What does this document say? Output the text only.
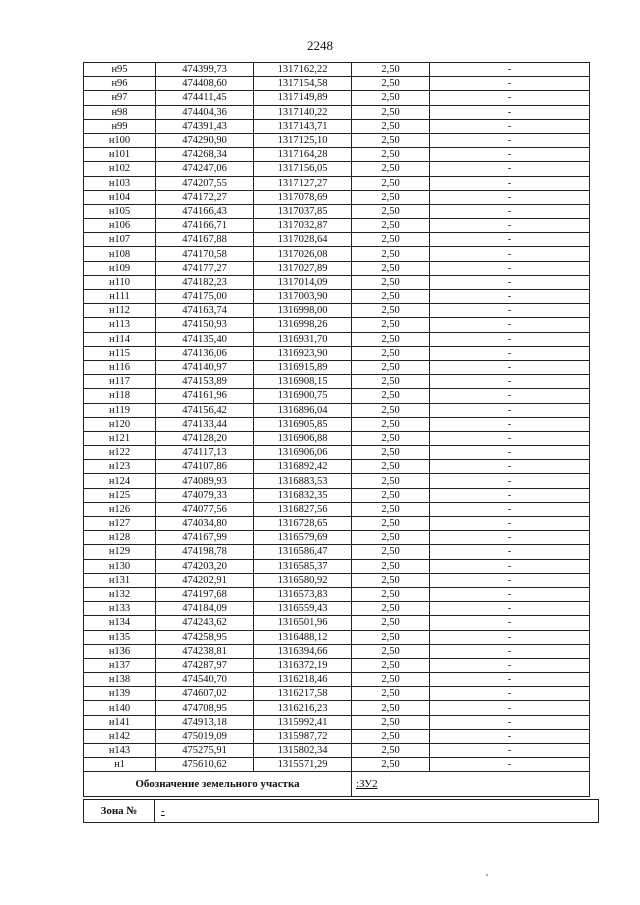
2248
н95	474399,73	1317162,22	2,50	-
н96	474408,60	1317154,58	2,50	-
н97	474411,45	1317149,89	2,50	-
н98	474404,36	1317140,22	2,50	-
н99	474391,43	1317143,71	2,50	-
н100	474290,90	1317125,10	2,50	-
н101	474268,34	1317164,28	2,50	-
н102	474247,06	1317156,05	2,50	-
н103	474207,55	1317127,27	2,50	-
н104	474172,27	1317078,69	2,50	-
н105	474166,43	1317037,85	2,50	-
н106	474166,71	1317032,87	2,50	-
н107	474167,88	1317028,64	2,50	-
н108	474170,58	1317026,08	2,50	-
н109	474177,27	1317027,89	2,50	-
н110	474182,23	1317014,09	2,50	-
н111	474175,00	1317003,90	2,50	-
н112	474163,74	1316998,00	2,50	-
н113	474150,93	1316998,26	2,50	-
н114	474135,40	1316931,70	2,50	-
н115	474136,06	1316923,90	2,50	-
н116	474140,97	1316915,89	2,50	-
н117	474153,89	1316908,15	2,50	-
н118	474161,96	1316900,75	2,50	-
н119	474156,42	1316896,04	2,50	-
н120	474133,44	1316905,85	2,50	-
н121	474128,20	1316906,88	2,50	-
н122	474117,13	1316906,06	2,50	-
н123	474107,86	1316892,42	2,50	-
н124	474089,93	1316883,53	2,50	-
н125	474079,33	1316832,35	2,50	-
н126	474077,56	1316827,56	2,50	-
н127	474034,80	1316728,65	2,50	-
н128	474167,99	1316579,69	2,50	-
н129	474198,78	1316586,47	2,50	-
н130	474203,20	1316585,37	2,50	-
н131	474202,91	1316580,92	2,50	-
н132	474197,68	1316573,83	2,50	-
н133	474184,09	1316559,43	2,50	-
н134	474243,62	1316501,96	2,50	-
н135	474258,95	1316488,12	2,50	-
н136	474238,81	1316394,66	2,50	-
н137	474287,97	1316372,19	2,50	-
н138	474540,70	1316218,46	2,50	-
н139	474607,02	1316217,58	2,50	-
н140	474708,95	1316216,23	2,50	-
н141	474913,18	1315992,41	2,50	-
н142	475019,09	1315987,72	2,50	-
н143	475275,91	1315802,34	2,50	-
н1	475610,62	1315571,29	2,50	-
Обозначение земельного участка			:ЗУ2	
Зона №	-
